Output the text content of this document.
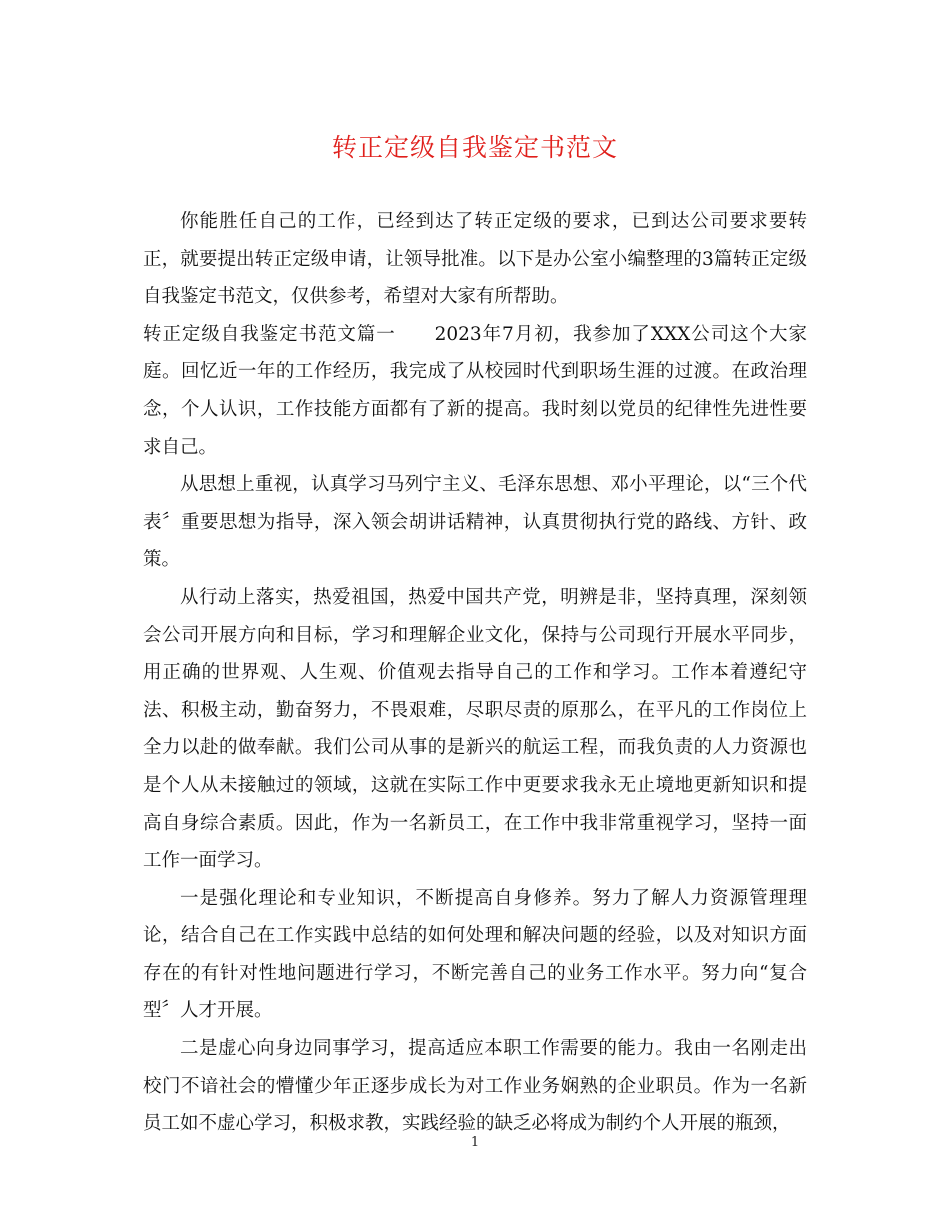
转正定级自我鉴定书范文

你能胜任自己的工作，已经到达了转正定级的要求，已到达公司要求要转正，就要提出转正定级申请，让领导批准。以下是办公室小编整理的3篇转正定级自我鉴定书范文，仅供参考，希望对大家有所帮助。

转正定级自我鉴定书范文篇一　　2023年7月初，我参加了XXX公司这个大家庭。回忆近一年的工作经历，我完成了从校园时代到职场生涯的过渡。在政治理念，个人认识，工作技能方面都有了新的提高。我时刻以党员的纪律性先进性要求自己。

从思想上重视，认真学习马列宁主义、毛泽东思想、邓小平理论，以“三个代表〞重要思想为指导，深入领会胡讲话精神，认真贯彻执行党的路线、方针、政策。

从行动上落实，热爱祖国，热爱中国共产党，明辨是非，坚持真理，深刻领会公司开展方向和目标，学习和理解企业文化，保持与公司现行开展水平同步，用正确的世界观、人生观、价值观去指导自己的工作和学习。工作本着遵纪守法、积极主动，勤奋努力，不畏艰难，尽职尽责的原那么，在平凡的工作岗位上全力以赴的做奉献。我们公司从事的是新兴的航运工程，而我负责的人力资源也是个人从未接触过的领域，这就在实际工作中更要求我永无止境地更新知识和提高自身综合素质。因此，作为一名新员工，在工作中我非常重视学习，坚持一面工作一面学习。

一是强化理论和专业知识，不断提高自身修养。努力了解人力资源管理理论，结合自己在工作实践中总结的如何处理和解决问题的经验，以及对知识方面存在的有针对性地问题进行学习，不断完善自己的业务工作水平。努力向“复合型〞人才开展。

二是虚心向身边同事学习，提高适应本职工作需要的能力。我由一名刚走出校门不谙社会的懵懂少年正逐步成长为对工作业务娴熟的企业职员。作为一名新员工如不虚心学习，积极求教，实践经验的缺乏必将成为制约个人开展的瓶颈，

1
